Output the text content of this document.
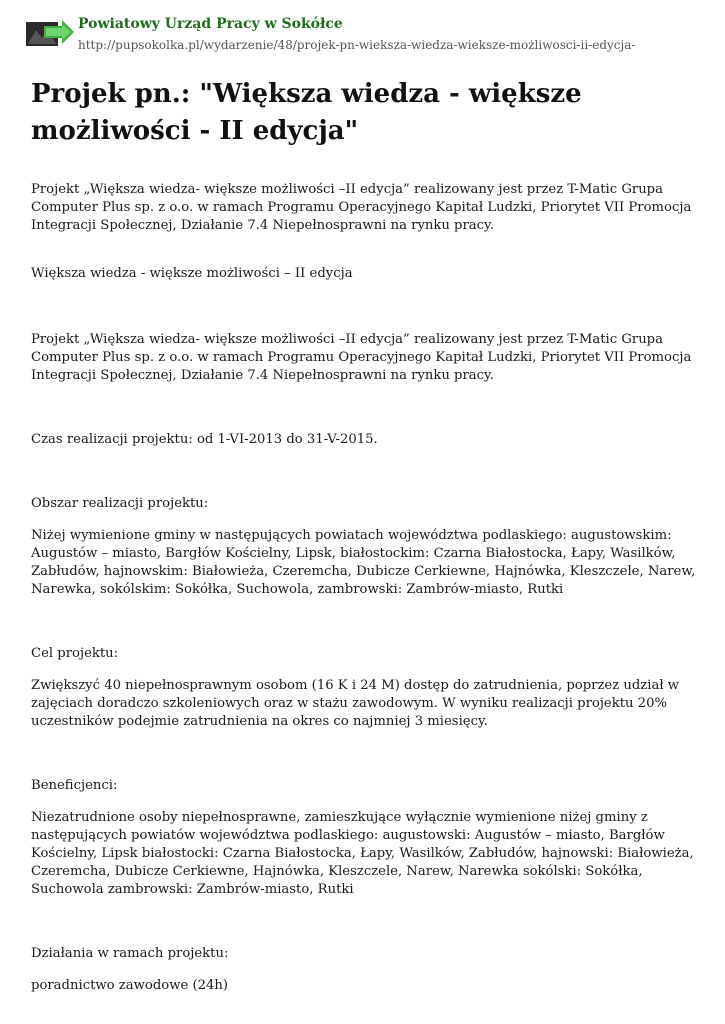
Powiatowy Urząd Pracy w Sokółce
http://pupsokolka.pl/wydarzenie/48/projek-pn-wieksza-wiedza-wieksze-możliwosci-ii-edycja-
Projek pn.: "Większa wiedza - większe możliwości - II edycja"

Projekt „Większa wiedza- większe możliwości –II edycja” realizowany jest przez T-Matic Grupa Computer Plus sp. z o.o. w ramach Programu Operacyjnego Kapitał Ludzki, Priorytet VII Promocja Integracji Społecznej, Działanie 7.4 Niepełnosprawni na rynku pracy.

Większa wiedza - większe możliwości – II edycja

Projekt „Większa wiedza- większe możliwości –II edycja” realizowany jest przez T-Matic Grupa Computer Plus sp. z o.o. w ramach Programu Operacyjnego Kapitał Ludzki, Priorytet VII Promocja Integracji Społecznej, Działanie 7.4 Niepełnosprawni na rynku pracy.

Czas realizacji projektu: od 1-VI-2013 do 31-V-2015.

Obszar realizacji projektu:

Niżej wymienione gminy w następujących powiatach województwa podlaskiego: augustowskim: Augustów – miasto, Bargłów Kościelny, Lipsk, białostockim: Czarna Białostocka, Łapy, Wasilków, Zabłudów, hajnowskim: Białowieża, Czeremcha, Dubicze Cerkiewne, Hajnówka, Kleszczele, Narew, Narewka, sokólskim: Sokółka, Suchowola, zambrowski: Zambrów-miasto, Rutki

Cel projektu:

Zwiększyć 40 niepełnosprawnym osobom (16 K i 24 M) dostęp do zatrudnienia, poprzez udział w zajęciach doradczo szkoleniowych oraz w stażu zawodowym. W wyniku realizacji projektu 20% uczestników podejmie zatrudnienia na okres co najmniej 3 miesięcy.

Beneficjenci:

Niezatrudnione osoby niepełnosprawne, zamieszkujące wyłącznie wymienione niżej gminy z następujących powiatów województwa podlaskiego: augustowski: Augustów – miasto, Bargłów Kościelny, Lipsk białostocki: Czarna Białostocka, Łapy, Wasilków, Zabłudów, hajnowski: Białowieża, Czeremcha, Dubicze Cerkiewne, Hajnówka, Kleszczele, Narew, Narewka sokólski: Sokółka, Suchowola zambrowski: Zambrów-miasto, Rutki

Działania w ramach projektu:

poradnictwo zawodowe (24h)
